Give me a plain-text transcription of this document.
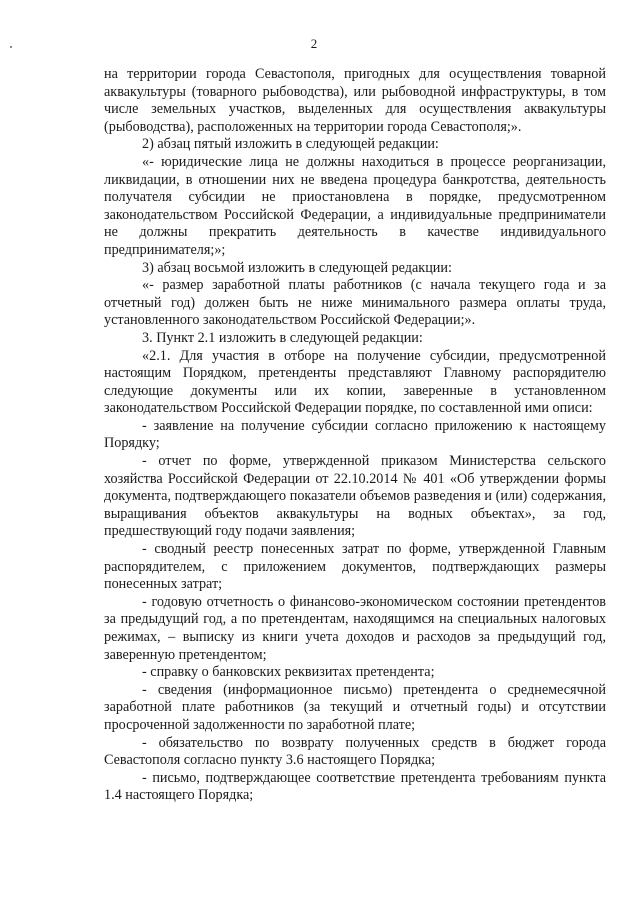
2

на территории города Севастополя, пригодных для осуществления товарной аквакультуры (товарного рыбоводства), или рыбоводной инфраструктуры, в том числе земельных участков, выделенных для осуществления аквакультуры (рыбоводства), расположенных на территории города Севастополя;».

2) абзац пятый изложить в следующей редакции:

«- юридические лица не должны находиться в процессе реорганизации, ликвидации, в отношении них не введена процедура банкротства, деятельность получателя субсидии не приостановлена в порядке, предусмотренном законодательством Российской Федерации, а индивидуальные предприниматели не должны прекратить деятельность в качестве индивидуального предпринимателя;»;

3) абзац восьмой изложить в следующей редакции:

«- размер заработной платы работников (с начала текущего года и за отчетный год) должен быть не ниже минимального размера оплаты труда, установленного законодательством Российской Федерации;».

3. Пункт 2.1 изложить в следующей редакции:

«2.1. Для участия в отборе на получение субсидии, предусмотренной настоящим Порядком, претенденты представляют Главному распорядителю следующие документы или их копии, заверенные в установленном законодательством Российской Федерации порядке, по составленной ими описи:

- заявление на получение субсидии согласно приложению к настоящему Порядку;

- отчет по форме, утвержденной приказом Министерства сельского хозяйства Российской Федерации от 22.10.2014 № 401 «Об утверждении формы документа, подтверждающего показатели объемов разведения и (или) содержания, выращивания объектов аквакультуры на водных объектах», за год, предшествующий году подачи заявления;

- сводный реестр понесенных затрат по форме, утвержденной Главным распорядителем, с приложением документов, подтверждающих размеры понесенных затрат;

- годовую отчетность о финансово-экономическом состоянии претендентов за предыдущий год, а по претендентам, находящимся на специальных налоговых режимах, – выписку из книги учета доходов и расходов за предыдущий год, заверенную претендентом;

- справку о банковских реквизитах претендента;

- сведения (информационное письмо) претендента о среднемесячной заработной плате работников (за текущий и отчетный годы) и отсутствии просроченной задолженности по заработной плате;

- обязательство по возврату полученных средств в бюджет города Севастополя согласно пункту 3.6 настоящего Порядка;

- письмо, подтверждающее соответствие претендента требованиям пункта 1.4 настоящего Порядка;
